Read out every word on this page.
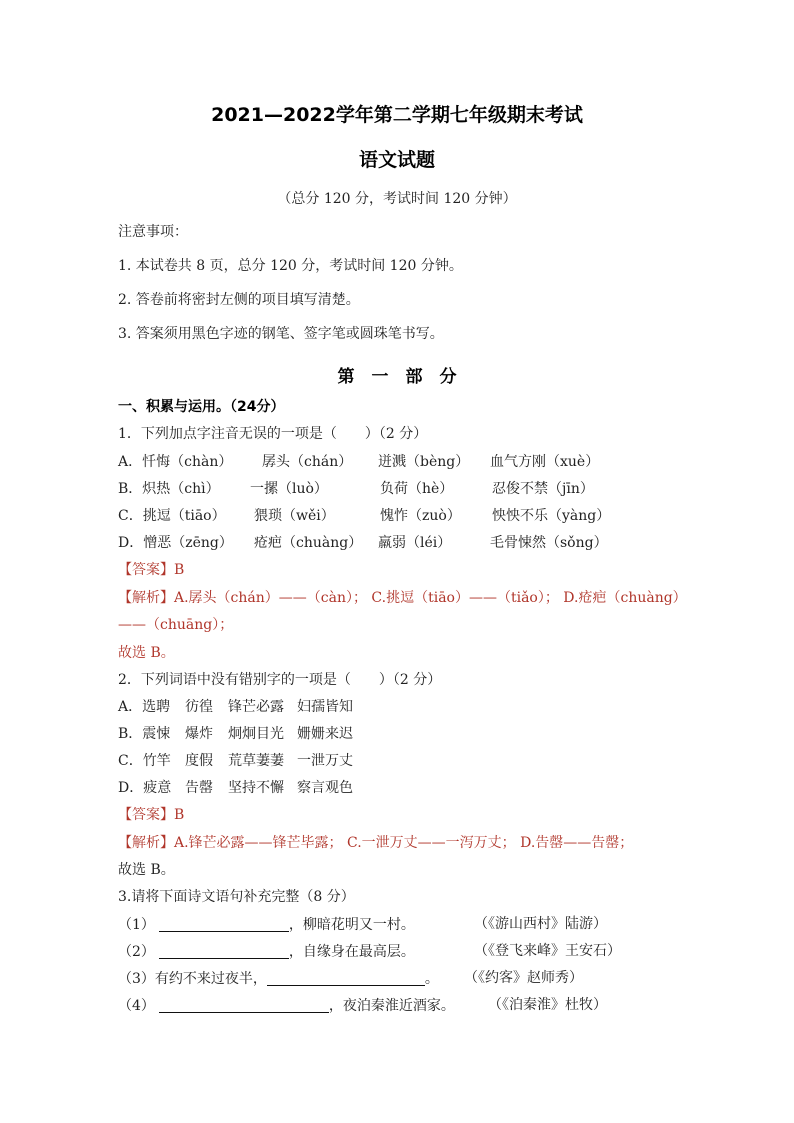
2021—2022学年第二学期七年级期末考试
语文试题
（总分 120 分，考试时间 120 分钟）
注意事项：
1. 本试卷共 8 页，总分 120 分，考试时间 120 分钟。
2. 答卷前将密封左侧的项目填写清楚。
3. 答案须用黑色字迹的钢笔、签字笔或圆珠笔书写。
第　一　部　分
一、积累与运用。（24分）
1．下列加点字注音无误的一项是（　　）（2 分）
A．忏悔（chàn） 孱头（chán） 迸溅（bèng） 血气方刚（xuè）
B．炽热（chì） 一摞（luò）	负荷（hè）	忍俊不禁（jīn）
C．挑逗（tiāo） 猥琐（wěi）	愧怍（zuò） 怏怏不乐（yàng）
D．憎恶（zēng） 疮疤（chuàng） 羸弱（léi）	毛骨悚然（sǒng）
【答案】B
【解析】A.孱头（chán）——（càn）； C.挑逗（tiāo）——（tiǎo）； D.疮疤（chuàng）
——（chuāng）；
故选 B。
2．下列词语中没有错别字的一项是（　　）（2 分）
A．选聘 彷徨 锋芒必露 妇孺皆知
B．震悚 爆炸 炯炯目光 姗姗来迟
C．竹竿 度假 荒草萋萋 一泄万丈
D．疲意 告罄 坚持不懈 察言观色
【答案】B
【解析】A.锋芒必露——锋芒毕露； C.一泄万丈——一泻万丈； D.告罄——告罄；
故选 B。
3.请将下面诗文语句补充完整（8 分）
（1）	，柳暗花明又一村。	（《游山西村》陆游）
（2）	，自缘身在最高层。	（《登飞来峰》王安石）
（3）有约不来过夜半，	。 （《约客》赵师秀）
（4）	，夜泊秦淮近酒家。 （《泊秦淮》杜牧）
